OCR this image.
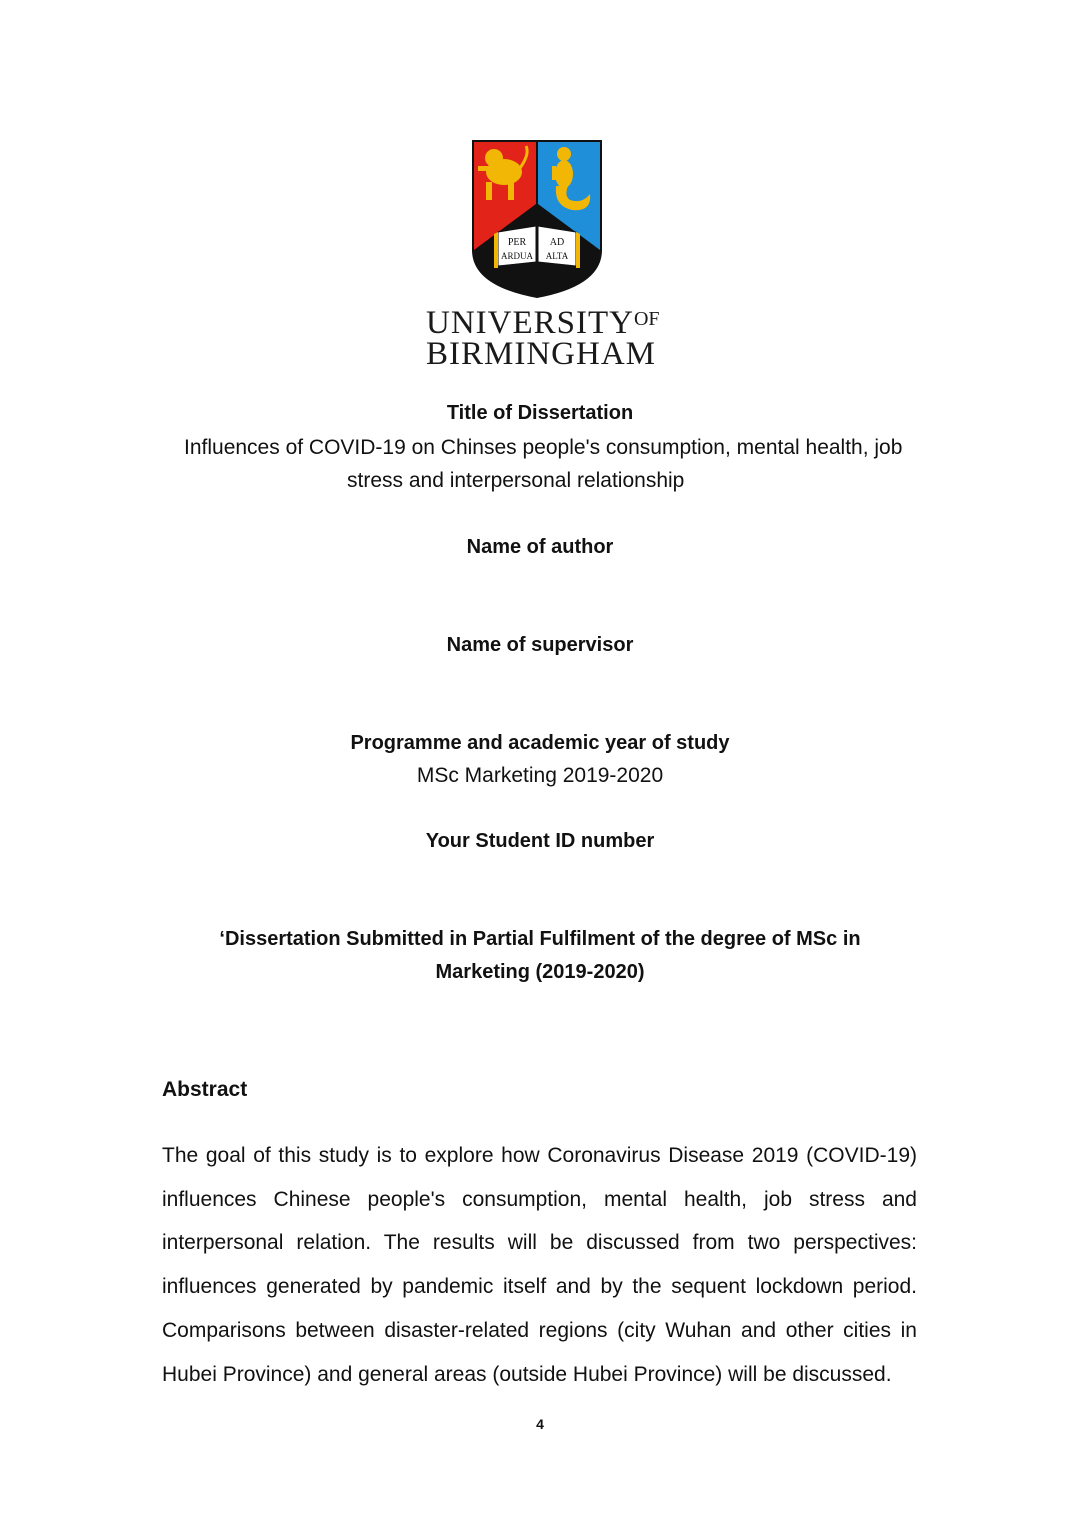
PER AD
ARDUA ALTA
$UNIVERSITY^{OF}$
BIRMINGHAM
Title of Dissertation
Influences of COVID-19 on Chinses people's consumption, mental health, job
stress and interpersonal relationship
Name of author
Name of supervisor
Programme and academic year of study
MSc Marketing 2019-2020
Your Student ID number
‘Dissertation Submitted in Partial Fulfilment of the degree of MSc in
Marketing (2019-2020)
Abstract
The goal of this study is to explore how Coronavirus Disease 2019 (COVID-19) influences Chinese people's consumption, mental health, job stress and interpersonal relation. The results will be discussed from two perspectives: influences generated by pandemic itself and by the sequent lockdown period. Comparisons between disaster-related regions (city Wuhan and other cities in Hubei Province) and general areas (outside Hubei Province) will be discussed.
4
